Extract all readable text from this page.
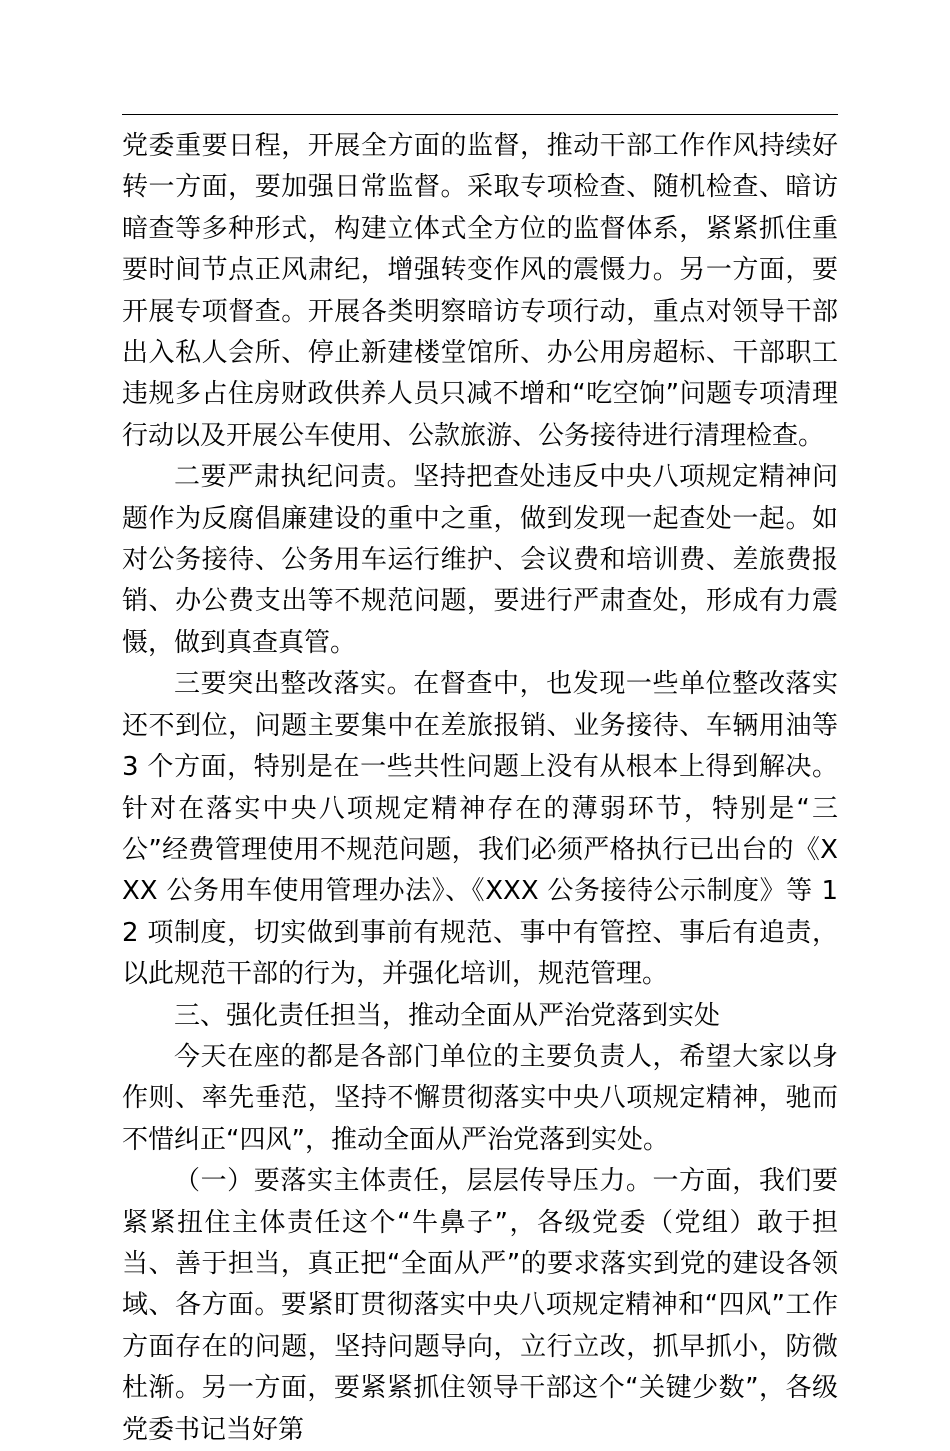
党委重要日程，开展全方面的监督，推动干部工作作风持续好转一方面，要加强日常监督。采取专项检查、随机检查、暗访暗查等多种形式，构建立体式全方位的监督体系，紧紧抓住重要时间节点正风肃纪，增强转变作风的震慑力。另一方面，要开展专项督查。开展各类明察暗访专项行动，重点对领导干部出入私人会所、停止新建楼堂馆所、办公用房超标、干部职工违规多占住房财政供养人员只减不增和“吃空饷”问题专项清理行动以及开展公车使用、公款旅游、公务接待进行清理检查。

二要严肃执纪问责。坚持把查处违反中央八项规定精神问题作为反腐倡廉建设的重中之重，做到发现一起查处一起。如对公务接待、公务用车运行维护、会议费和培训费、差旅费报销、办公费支出等不规范问题，要进行严肃查处，形成有力震慑，做到真查真管。

三要突出整改落实。在督查中，也发现一些单位整改落实还不到位，问题主要集中在差旅报销、业务接待、车辆用油等 3 个方面，特别是在一些共性问题上没有从根本上得到解决。针对在落实中央八项规定精神存在的薄弱环节，特别是“三公”经费管理使用不规范问题，我们必须严格执行已出台的《XXX 公务用车使用管理办法》、《XXX 公务接待公示制度》等 12 项制度，切实做到事前有规范、事中有管控、事后有追责，以此规范干部的行为，并强化培训，规范管理。

三、强化责任担当，推动全面从严治党落到实处

今天在座的都是各部门单位的主要负责人，希望大家以身作则、率先垂范，坚持不懈贯彻落实中央八项规定精神，驰而不惜纠正“四风”，推动全面从严治党落到实处。

（一）要落实主体责任，层层传导压力。一方面，我们要紧紧扭住主体责任这个“牛鼻子”，各级党委（党组）敢于担当、善于担当，真正把“全面从严”的要求落实到党的建设各领域、各方面。要紧盯贯彻落实中央八项规定精神和“四风”工作方面存在的问题，坚持问题导向，立行立改，抓早抓小，防微杜渐。另一方面，要紧紧抓住领导干部这个“关键少数”，各级党委书记当好第
